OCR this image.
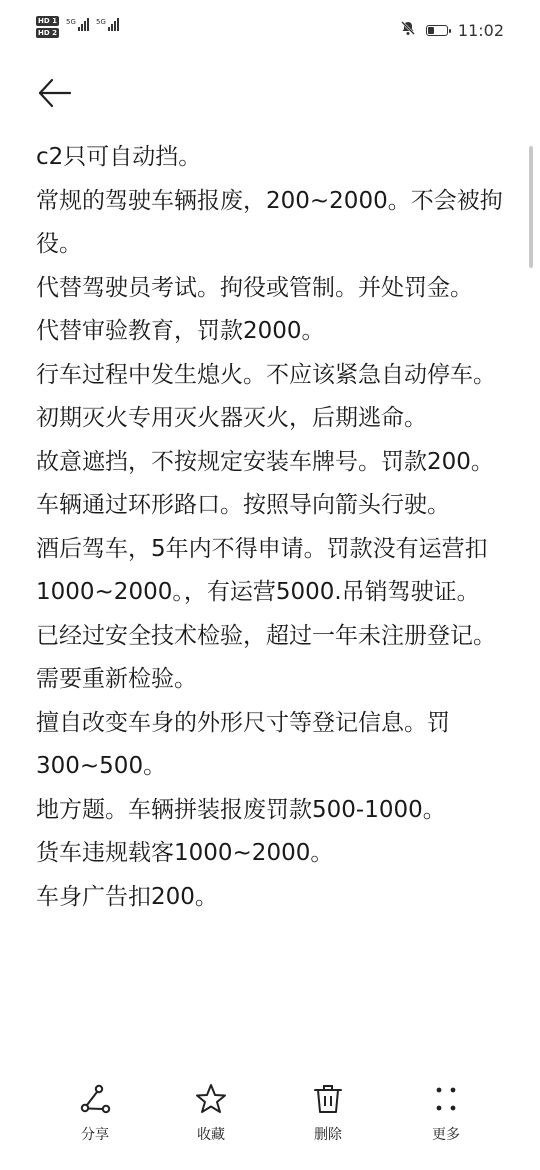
HD 1
HD 2
5G	5G	11:02

c2只可自动挡。

常规的驾驶车辆报废，200~2000。不会被拘役。

代替驾驶员考试。拘役或管制。并处罚金。

代替审验教育，罚款2000。

行车过程中发生熄火。不应该紧急自动停车。

初期灭火专用灭火器灭火，后期逃命。

故意遮挡，不按规定安装车牌号。罚款200。

车辆通过环形路口。按照导向箭头行驶。

酒后驾车，5年内不得申请。罚款没有运营扣1000~2000。，有运营5000.吊销驾驶证。

已经过安全技术检验，超过一年未注册登记。需要重新检验。

擅自改变车身的外形尺寸等登记信息。罚300~500。

地方题。车辆拼装报废罚款500-1000。

货车违规载客1000~2000。

车身广告扣200。

分享	收藏	删除	更多
